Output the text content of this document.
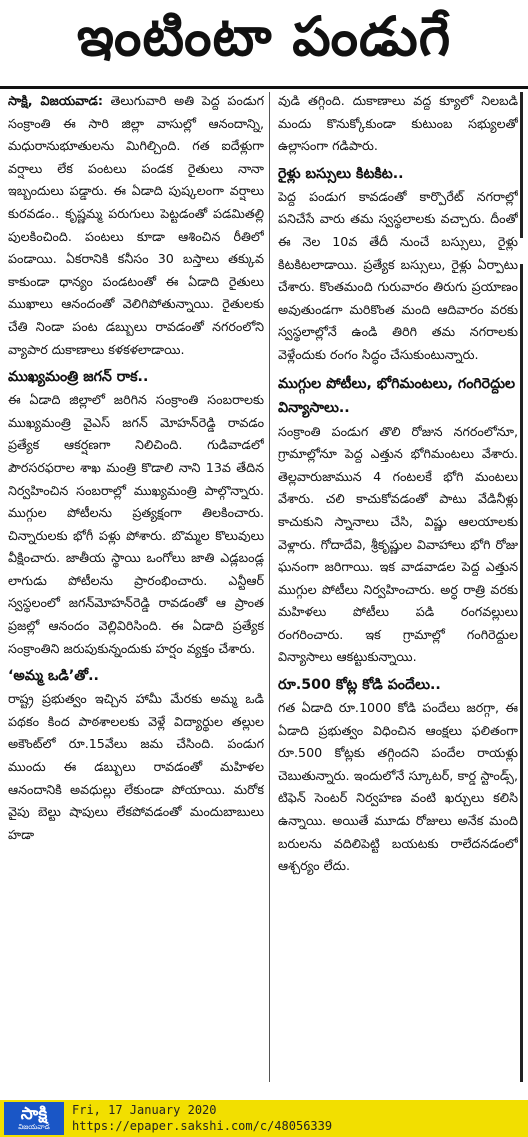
ఇంటింటా పండుగే

సాక్షి, విజయవాడ: తెలుగువారి అతి పెద్ద పండుగ సంక్రాంతి ఈ సారి జిల్లా వాసుల్లో ఆనందాన్ని, మధురానుభూతులను మిగిల్చింది. గత ఐదేళ్లుగా వర్షాలు లేక పంటలు పండక రైతులు నానా ఇబ్బందులు పడ్డారు. ఈ ఏడాది పుష్కలంగా వర్షాలు కురవడం.. కృష్ణమ్మ పరుగులు పెట్టడంతో పడమితల్లి పులకించింది. పంటలు కూడా ఆశించిన రీతిలో పండాయి. ఏకరానికి కనీసం 30 బస్తాలు తక్కువ కాకుండా ధాన్యం పండటంతో ఈ ఏడాది రైతులు ముఖాలు ఆనందంతో వెలిగిపోతున్నాయి. రైతులకు చేతి నిండా పంట డబ్బులు రావడంతో నగరంలోని వ్యాపార దుకాణాలు కళకళలాడాయి.

ముఖ్యమంత్రి జగన్‌ రాక..

ఈ ఏడాది జిల్లాలో జరిగిన సంక్రాంతి సంబరాలకు ముఖ్యమంత్రి వైఎస్‌ జగన్‌ మోహన్‌రెడ్డి రావడం ప్రత్యేక ఆకర్షణగా నిలిచింది. గుడివాడలో పౌరసరఫరాల శాఖ మంత్రి కొడాలి నాని 13వ తేదిన నిర్వహించిన సంబరాల్లో ముఖ్యమంత్రి పాల్గొన్నారు. ముగ్గుల పోటీలను ప్రత్యక్షంగా తిలకించారు. చిన్నారులకు భోగీ పళ్లు పోశారు. బొమ్మల కొలువులు వీక్షించారు. జాతీయ స్థాయి ఒంగోలు జాతి ఎడ్లబండ్ల లాగుడు పోటీలను ప్రారంభించారు. ఎన్టీఆర్‌ స్వస్థలంలో జగన్‌మోహన్‌రెడ్డి రావడంతో ఆ ప్రాంత ప్రజల్లో ఆనందం వెల్లివిరిసింది. ఈ ఏడాది ప్రత్యేక సంక్రాంతిని జరుపుకున్నందుకు హర్షం వ్యక్తం చేశారు.

‘అమ్మ ఒడి’తో..

రాష్ట్ర ప్రభుత్వం ఇచ్చిన హామీ మేరకు అమ్మ ఒడి పథకం కింద పాఠశాలలకు వెళ్లే విద్యార్థుల తల్లుల అకౌంట్‌లో రూ.15వేలు జమ చేసింది. పండుగ ముందు ఈ డబ్బులు రావడంతో మహిళల ఆనందానికి అవధుల్లు లేకుండా పోయాయి. మరోక వైపు బెల్టు షాపులు లేకపోవడంతో మందుబాబులు హడా

వుడి తగ్గింది. దుకాణాలు వద్ద క్యూలో నిలబడి మందు కొనుక్కోకుండా కుటుంబ సభ్యులతో ఉల్లాసంగా గడిపారు.

రైళ్లు బస్సులు కిటకిట..

పెద్ద పండుగ కావడంతో కార్పొరేట్‌ నగరాల్లో పనిచేసే వారు తమ స్వస్థలాలకు వచ్చారు. దీంతో ఈ నెల 10వ తేదీ నుంచే బస్సులు, రైళ్లు కిటకిటలాడాయి. ప్రత్యేక బస్సులు, రైళ్లు ఏర్పాటు చేశారు. కొంతమంది గురువారం తిరుగు ప్రయాణం అవుతుండగా మరికొంత మంది ఆదివారం వరకు స్వస్థలాల్లోనే ఉండి తిరిగి తమ నగరాలకు వెళ్లేందుకు రంగం సిద్ధం చేసుకుంటున్నారు.

ముగ్గుల పోటీలు, భోగిమంటలు, గంగిరెద్దుల విన్యాసాలు..

సంక్రాంతి పండుగ తొలి రోజున నగరంలోనూ, గ్రామాల్లోనూ పెద్ద ఎత్తున భోగిమంటలు వేశారు. తెల్లవారుజామున 4 గంటలకే భోగి మంటలు వేశారు. చలి కాచుకోవడంతో పాటు వేడినీళ్లు కాచుకుని స్నానాలు చేసి, విష్ణు ఆలయాలకు వెళ్లారు. గోదాదేవి, శ్రీకృష్ణుల వివాహాలు భోగి రోజు ఘనంగా జరిగాయి. ఇక వాడవాడల పెద్ద ఎత్తున ముగ్గుల పోటీలు నిర్వహించారు. అర్ధ రాత్రి వరకు మహిళలు పోటీలు పడి రంగవల్లులు రంగరించారు. ఇక గ్రామాల్లో గంగిరెద్దుల విన్యాసాలు ఆకట్టుకున్నాయి.

రూ.500 కోట్ల కోడి పందేలు..

గత ఏడాది రూ.1000 కోడి పందేలు జరగ్గా, ఈ ఏడాది ప్రభుత్వం విధించిన ఆంక్షలు ఫలితంగా రూ.500 కోట్లకు తగ్గిందని పందేల రాయళ్లు చెబుతున్నారు. ఇందులోనే స్కూటర్‌, కార్డ స్టాండ్స్‌, టిఫెన్‌ సెంటర్‌ నిర్వహణ వంటి ఖర్చులు కలిసి ఉన్నాయి. అయితే మూడు రోజులు అనేక మంది బరులను వదిలిపెట్టి బయటకు రాలేదనడంలో ఆశ్చర్యం లేదు.

సాక్షి
విజయవాడ
Fri, 17 January 2020
https://epaper.sakshi.com/c/48056339
